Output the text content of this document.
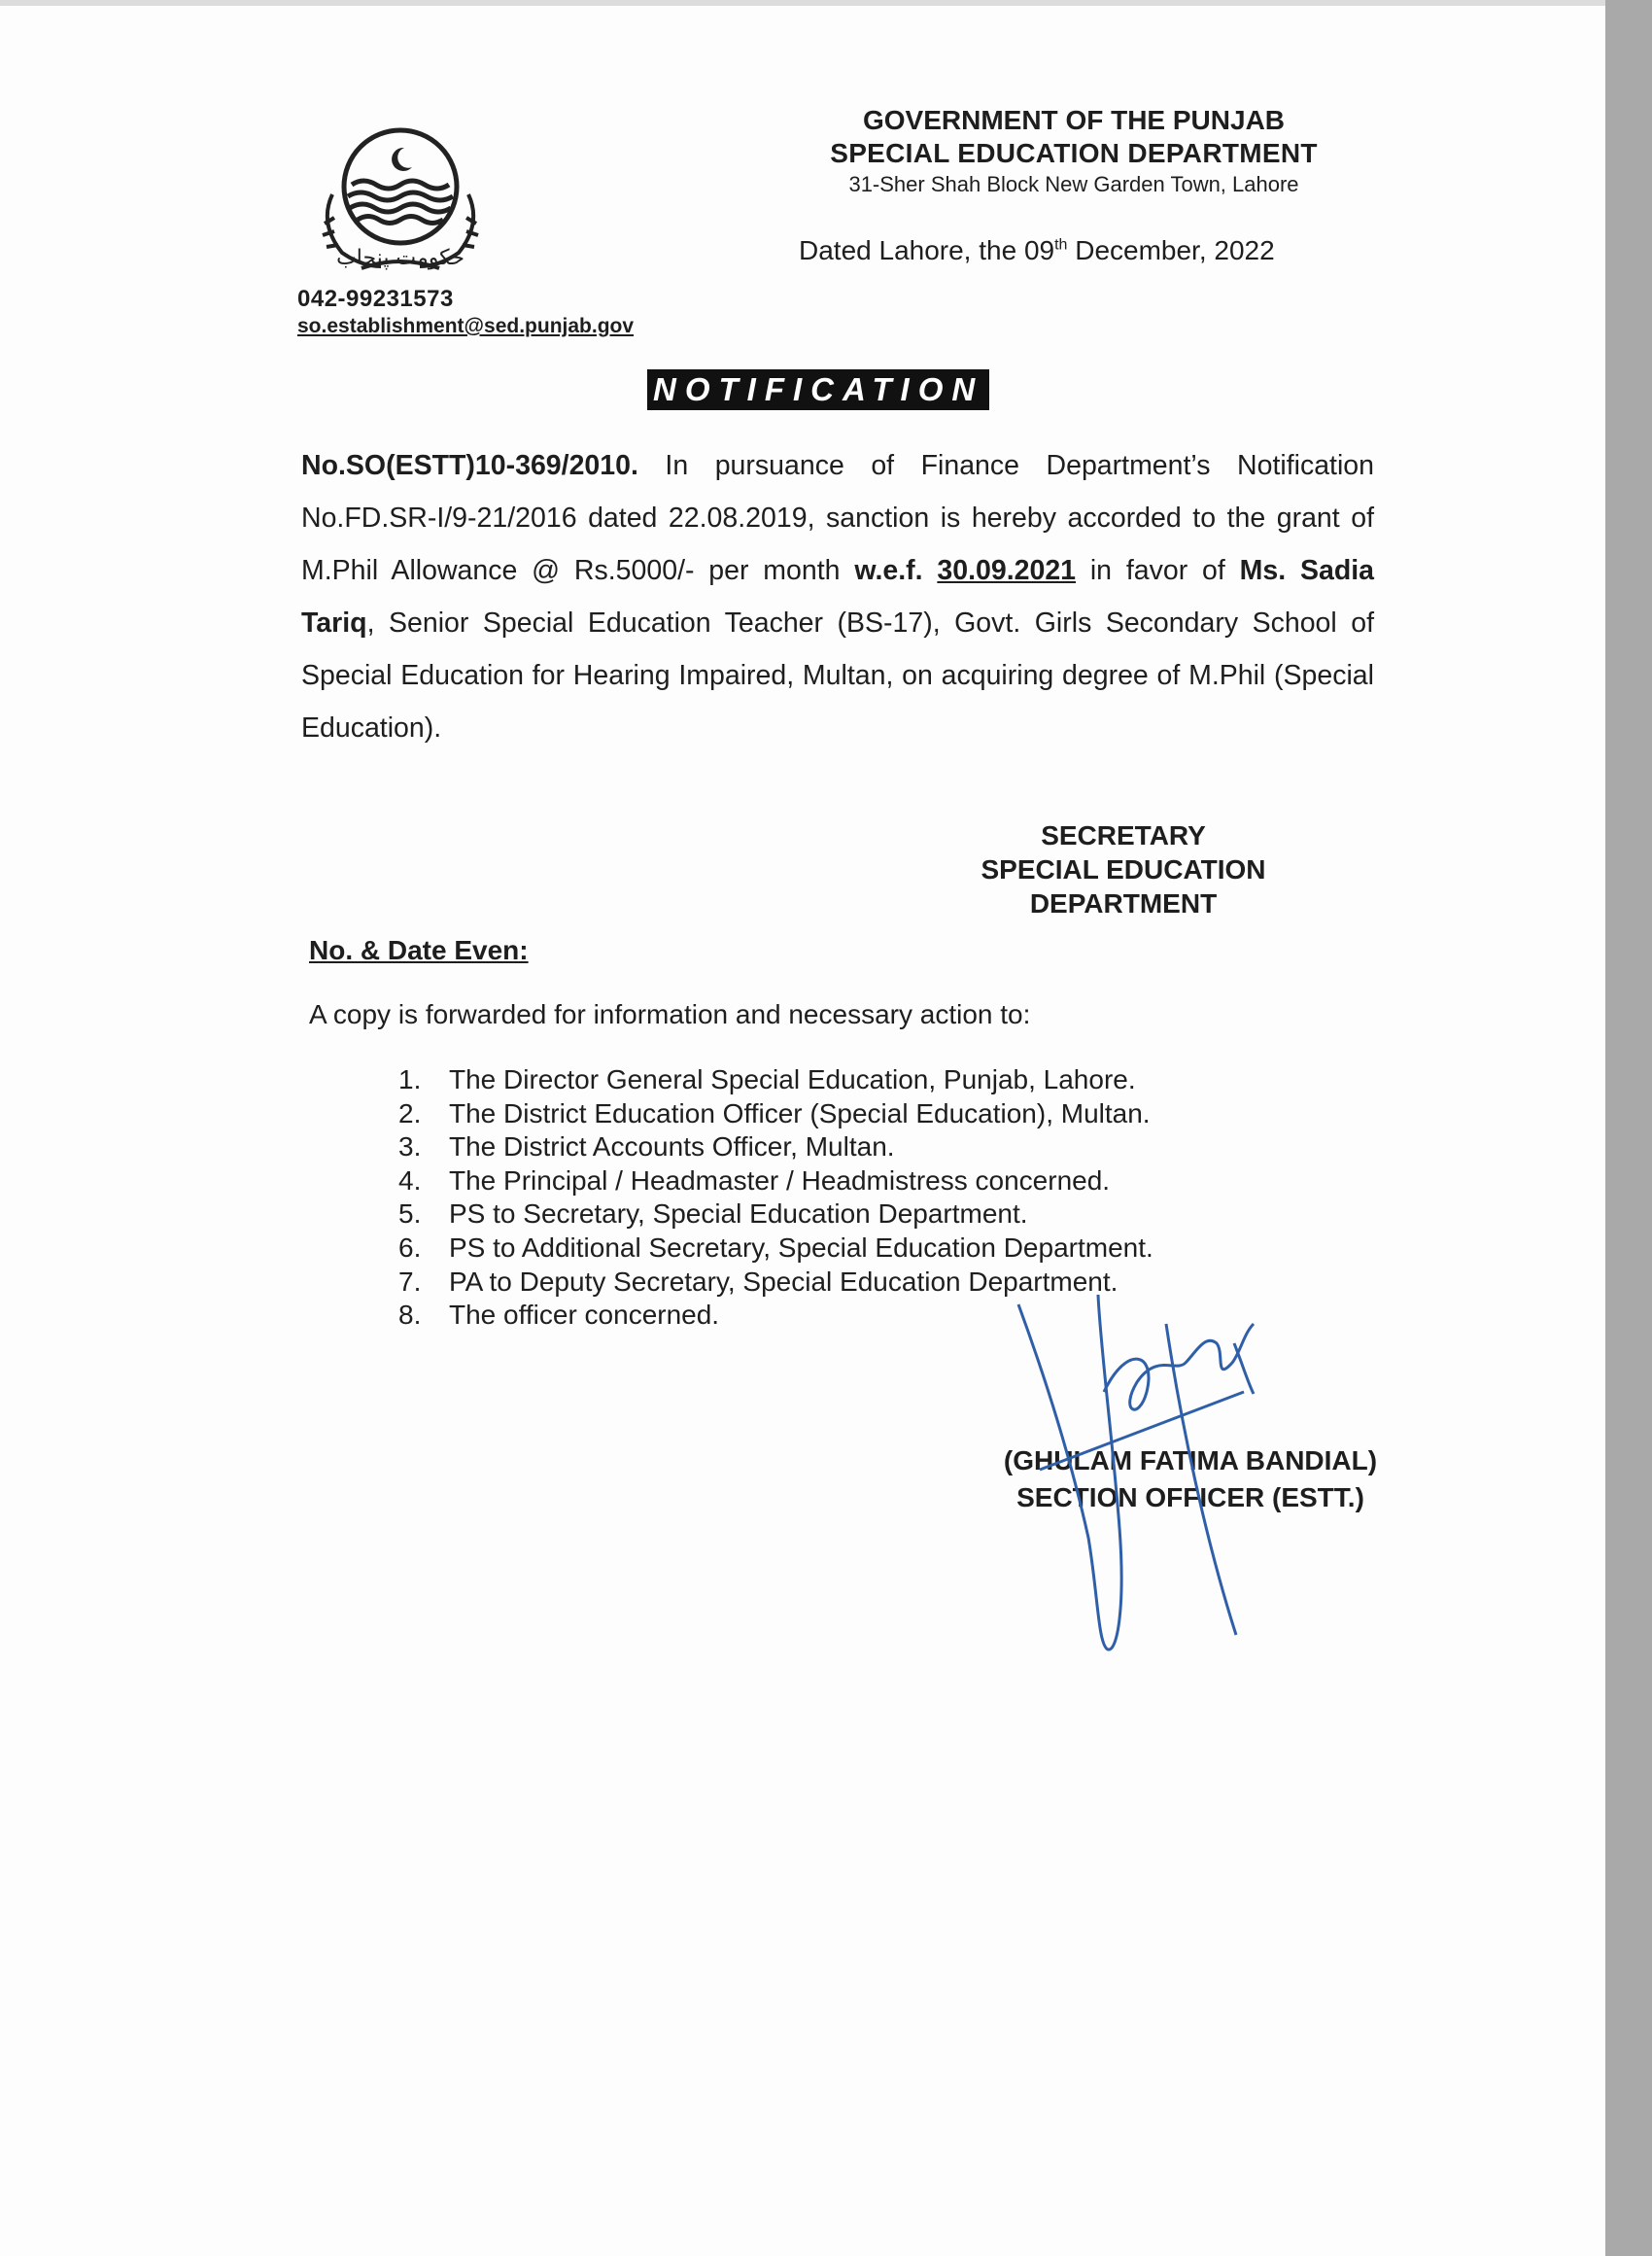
حکومت پنجاب
042-99231573
so.establishment@sed.punjab.gov
GOVERNMENT OF THE PUNJAB
SPECIAL EDUCATION DEPARTMENT
31-Sher Shah Block New Garden Town, Lahore
Dated Lahore, the 09th December, 2022
NOTIFICATION
No.SO(ESTT)10-369/2010. In pursuance of Finance Department’s Notification No.FD.SR-I/9-21/2016 dated 22.08.2019, sanction is hereby accorded to the grant of M.Phil Allowance @ Rs.5000/- per month w.e.f. 30.09.2021 in favor of Ms. Sadia Tariq, Senior Special Education Teacher (BS-17), Govt. Girls Secondary School of Special Education for Hearing Impaired, Multan, on acquiring degree of M.Phil (Special Education).
SECRETARY
SPECIAL EDUCATION
DEPARTMENT
No. & Date Even:
A copy is forwarded for information and necessary action to:
1.	The Director General Special Education, Punjab, Lahore.
2.	The District Education Officer (Special Education), Multan.
3.	The District Accounts Officer, Multan.
4.	The Principal / Headmaster / Headmistress concerned.
5.	PS to Secretary, Special Education Department.
6.	PS to Additional Secretary, Special Education Department.
7.	PA to Deputy Secretary, Special Education Department.
8.	The officer concerned.
(GHULAM FATIMA BANDIAL)
SECTION OFFICER (ESTT.)
